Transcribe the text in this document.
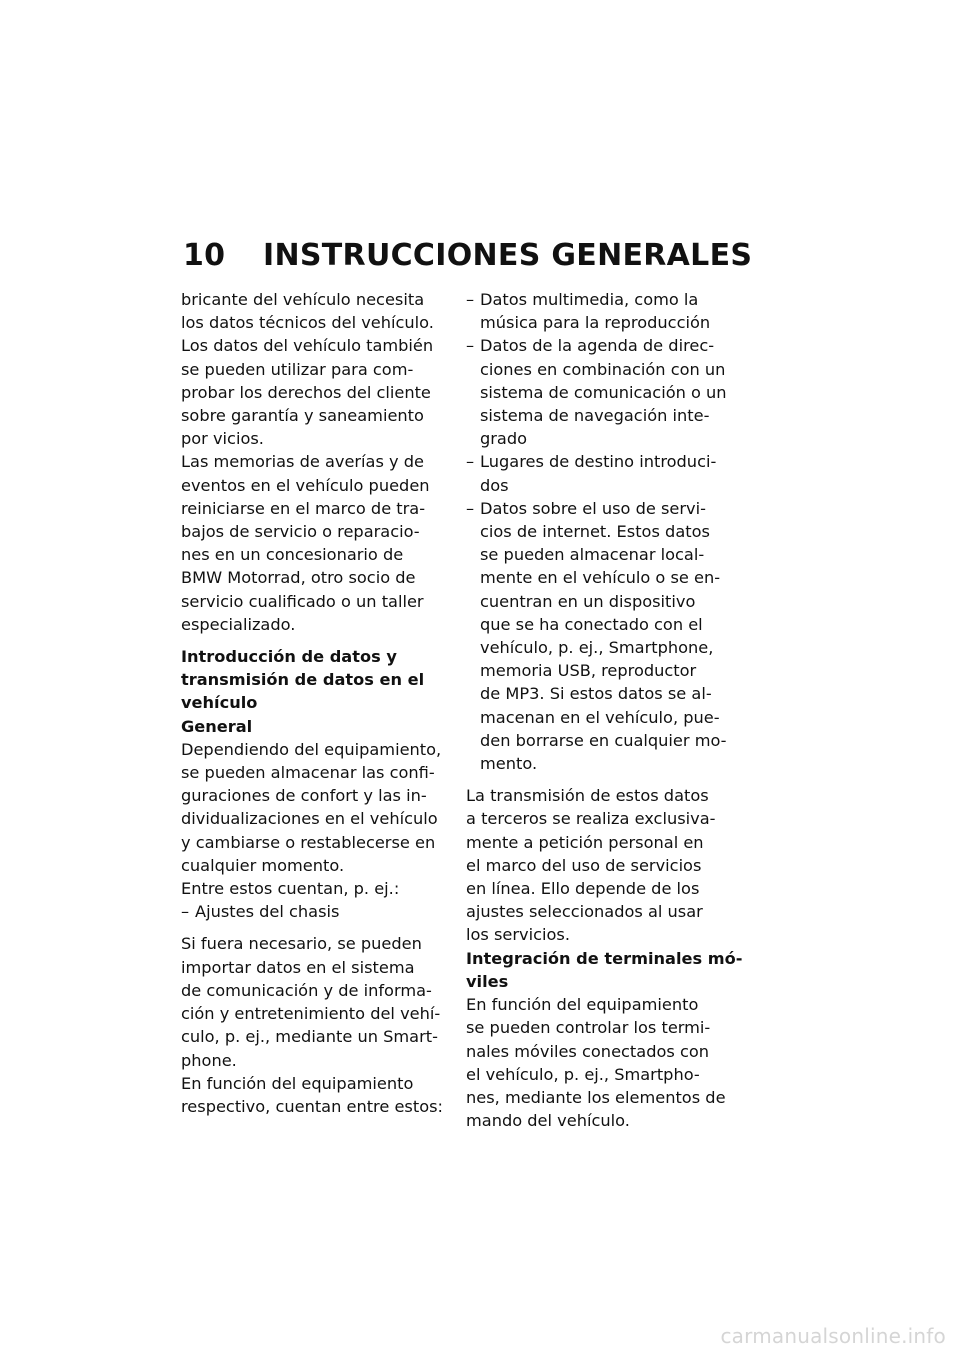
10	INSTRUCCIONES GENERALES
bricante del vehículo necesita
los datos técnicos del vehículo.
Los datos del vehículo también
se pueden utilizar para com-
probar los derechos del cliente
sobre garantía y saneamiento
por vicios.
Las memorias de averías y de
eventos en el vehículo pueden
reiniciarse en el marco de tra-
bajos de servicio o reparacio-
nes en un concesionario de
BMW Motorrad, otro socio de
servicio cualificado o un taller
especializado.
Introducción de datos y
transmisión de datos en el
vehículo
General
Dependiendo del equipamiento,
se pueden almacenar las confi-
guraciones de confort y las in-
dividualizaciones en el vehículo
y cambiarse o restablecerse en
cualquier momento.
Entre estos cuentan, p. ej.:
– Ajustes del chasis
Si fuera necesario, se pueden
importar datos en el sistema
de comunicación y de informa-
ción y entretenimiento del vehí-
culo, p. ej., mediante un Smart-
phone.
En función del equipamiento
respectivo, cuentan entre estos:
– Datos multimedia, como la
música para la reproducción
– Datos de la agenda de direc-
ciones en combinación con un
sistema de comunicación o un
sistema de navegación inte-
grado
– Lugares de destino introduci-
dos
– Datos sobre el uso de servi-
cios de internet. Estos datos
se pueden almacenar local-
mente en el vehículo o se en-
cuentran en un dispositivo
que se ha conectado con el
vehículo, p. ej., Smartphone,
memoria USB, reproductor
de MP3. Si estos datos se al-
macenan en el vehículo, pue-
den borrarse en cualquier mo-
mento.
La transmisión de estos datos
a terceros se realiza exclusiva-
mente a petición personal en
el marco del uso de servicios
en línea. Ello depende de los
ajustes seleccionados al usar
los servicios.
Integración de terminales mó-
viles
En función del equipamiento
se pueden controlar los termi-
nales móviles conectados con
el vehículo, p. ej., Smartpho-
nes, mediante los elementos de
mando del vehículo.
carmanualsonline.info
